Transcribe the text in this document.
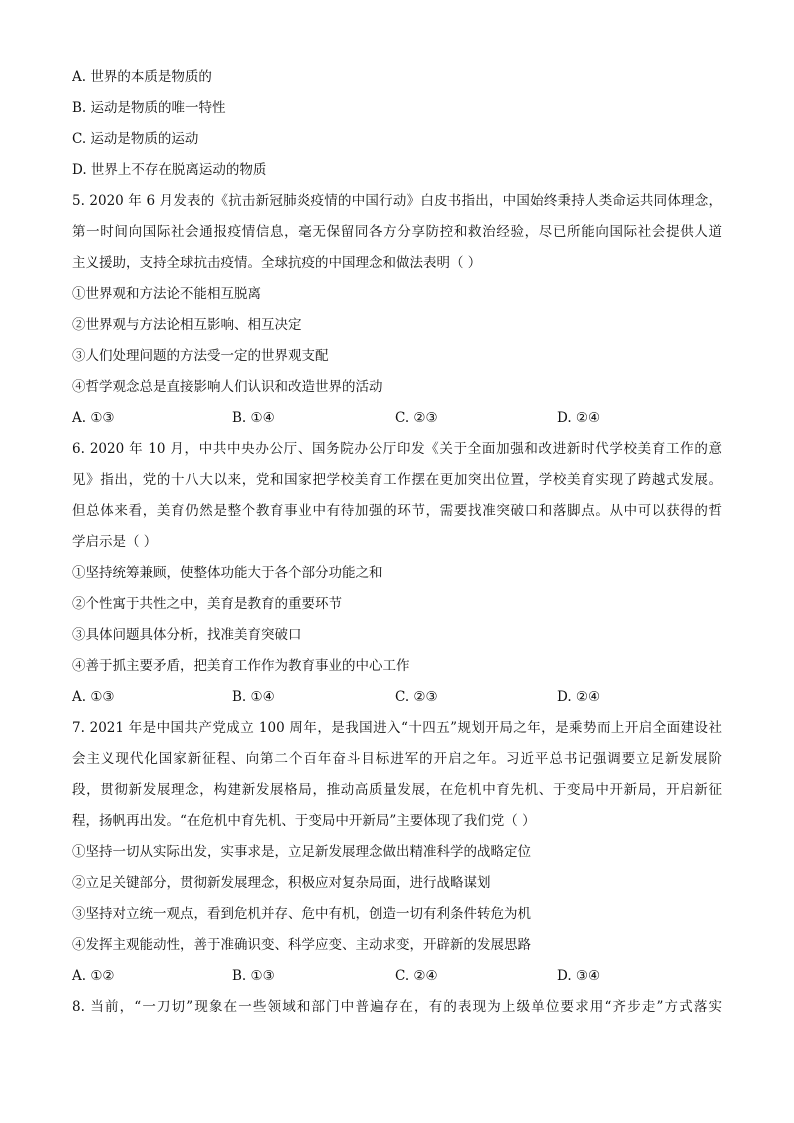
A. 世界的本质是物质的
B. 运动是物质的唯一特性
C. 运动是物质的运动
D. 世界上不存在脱离运动的物质
5. 2020 年 6 月发表的《抗击新冠肺炎疫情的中国行动》白皮书指出，中国始终秉持人类命运共同体理念，
第一时间向国际社会通报疫情信息，毫无保留同各方分享防控和救治经验，尽已所能向国际社会提供人道
主义援助，支持全球抗击疫情。全球抗疫的中国理念和做法表明（ ）
①世界观和方法论不能相互脱离
②世界观与方法论相互影响、相互决定
③人们处理问题的方法受一定的世界观支配
④哲学观念总是直接影响人们认识和改造世界的活动
A. ①③	B. ①④	C. ②③	D. ②④
6. 2020 年 10 月，中共中央办公厅、国务院办公厅印发《关于全面加强和改进新时代学校美育工作的意
见》指出，党的十八大以来，党和国家把学校美育工作摆在更加突出位置，学校美育实现了跨越式发展。
但总体来看，美育仍然是整个教育事业中有待加强的环节，需要找准突破口和落脚点。从中可以获得的哲
学启示是（ ）
①坚持统筹兼顾，使整体功能大于各个部分功能之和
②个性寓于共性之中，美育是教育的重要环节
③具体问题具体分析，找准美育突破口
④善于抓主要矛盾，把美育工作作为教育事业的中心工作
A. ①③	B. ①④	C. ②③	D. ②④
7. 2021 年是中国共产党成立 100 周年，是我国进入“十四五”规划开局之年，是乘势而上开启全面建设社
会主义现代化国家新征程、向第二个百年奋斗目标进军的开启之年。习近平总书记强调要立足新发展阶
段，贯彻新发展理念，构建新发展格局，推动高质量发展，在危机中育先机、于变局中开新局，开启新征
程，扬帆再出发。“在危机中育先机、于变局中开新局”主要体现了我们党（ ）
①坚持一切从实际出发，实事求是，立足新发展理念做出精准科学的战略定位
②立足关键部分，贯彻新发展理念，积极应对复杂局面，进行战略谋划
③坚持对立统一观点，看到危机并存、危中有机，创造一切有利条件转危为机
④发挥主观能动性，善于准确识变、科学应变、主动求变，开辟新的发展思路
A. ①②	B. ①③	C. ②④	D. ③④
8. 当前，“一刀切”现象在一些领域和部门中普遍存在，有的表现为上级单位要求用“齐步走”方式落实
